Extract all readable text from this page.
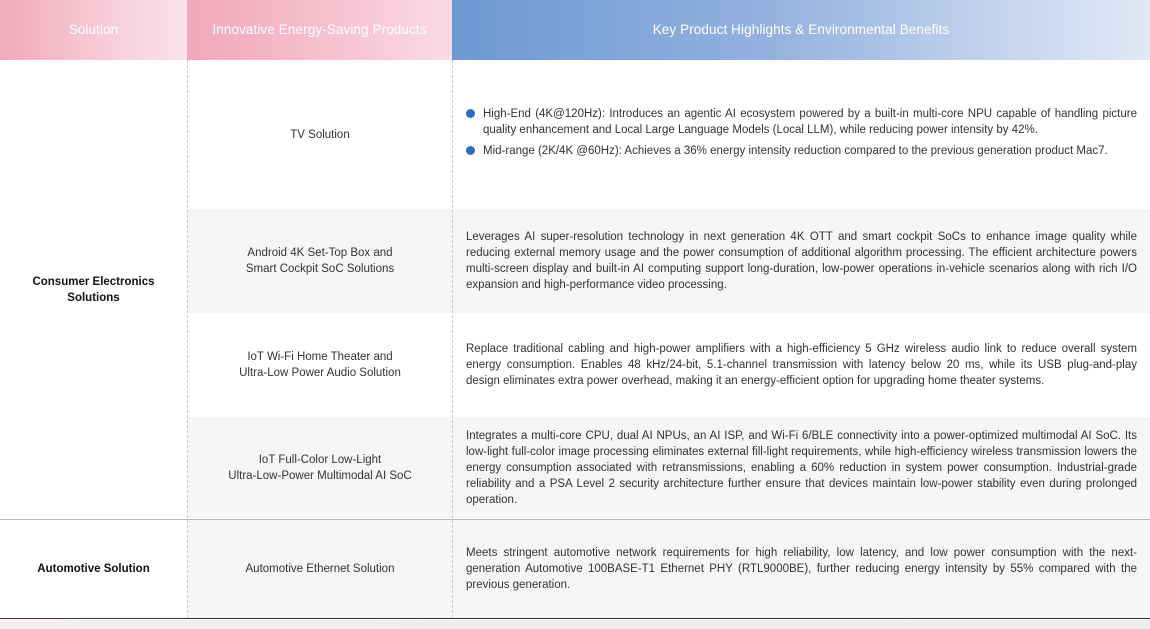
Solution	Innovative Energy-Saving Products	Key Product Highlights & Environmental Benefits
Consumer Electronics
Solutions
Automotive Solution
TV Solution
High-End (4K@120Hz): Introduces an agentic AI ecosystem powered by a built-in multi-core NPU capable of handling picture quality enhancement and Local Large Language Models (Local LLM), while reducing power intensity by 42%.
Mid-range (2K/4K @60Hz): Achieves a 36% energy intensity reduction compared to the previous generation product Mac7.
Android 4K Set-Top Box and
Smart Cockpit SoC Solutions
Leverages AI super-resolution technology in next generation 4K OTT and smart cockpit SoCs to enhance image quality while reducing external memory usage and the power consumption of additional algorithm processing. The efficient architecture powers multi-screen display and built-in AI computing support long-duration, low-power operations in-vehicle scenarios along with rich I/O expansion and high-performance video processing.
IoT Wi-Fi Home Theater and
Ultra-Low Power Audio Solution
Replace traditional cabling and high-power amplifiers with a high-efficiency 5 GHz wireless audio link to reduce overall system energy consumption. Enables 48 kHz/24-bit, 5.1-channel transmission with latency below 20 ms, while its USB plug-and-play design eliminates extra power overhead, making it an energy-efficient option for upgrading home theater systems.
IoT Full-Color Low-Light
Ultra-Low-Power Multimodal AI SoC
Integrates a multi-core CPU, dual AI NPUs, an AI ISP, and Wi-Fi 6/BLE connectivity into a power-optimized multimodal AI SoC. Its low-light full-color image processing eliminates external fill-light requirements, while high-efficiency wireless transmission lowers the energy consumption associated with retransmissions, enabling a 60% reduction in system power consumption. Industrial-grade reliability and a PSA Level 2 security architecture further ensure that devices maintain low-power stability even during prolonged operation.
Automotive Ethernet Solution
Meets stringent automotive network requirements for high reliability, low latency, and low power consumption with the next-generation Automotive 100BASE-T1 Ethernet PHY (RTL9000BE), further reducing energy intensity by 55% compared with the previous generation.
